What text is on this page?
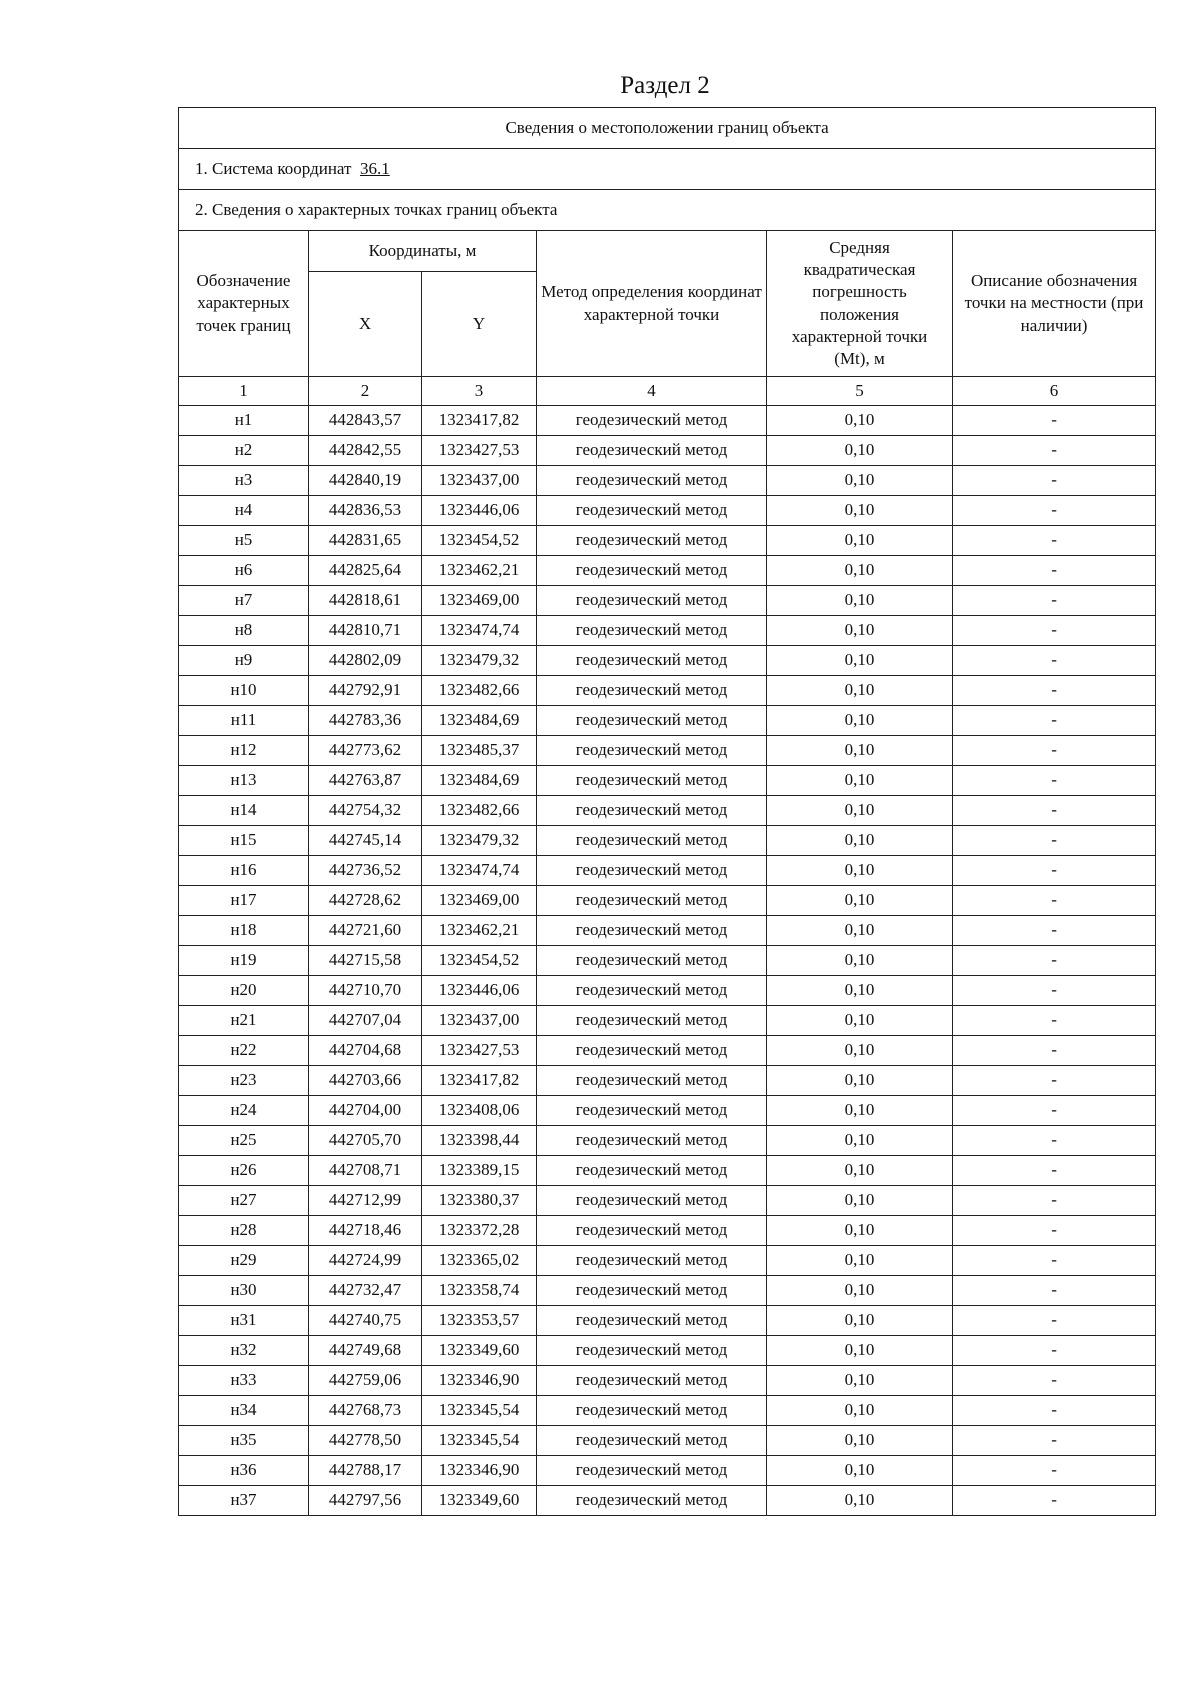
Раздел 2
Сведения о местоположении границ объекта					
1. Система координат 36.1					
2. Сведения о характерных точках границ объекта					
Обозначение характерных точек границ	Координаты, м		Метод определения координат характерной точки	Средняя квадратическая погрешность положения характерной точки (Mt), м	Описание обозначения точки на местности (при наличии)
	X	Y			
1	2	3	4	5	6
н1	442843,57	1323417,82	геодезический метод	0,10	-
н2	442842,55	1323427,53	геодезический метод	0,10	-
н3	442840,19	1323437,00	геодезический метод	0,10	-
н4	442836,53	1323446,06	геодезический метод	0,10	-
н5	442831,65	1323454,52	геодезический метод	0,10	-
н6	442825,64	1323462,21	геодезический метод	0,10	-
н7	442818,61	1323469,00	геодезический метод	0,10	-
н8	442810,71	1323474,74	геодезический метод	0,10	-
н9	442802,09	1323479,32	геодезический метод	0,10	-
н10	442792,91	1323482,66	геодезический метод	0,10	-
н11	442783,36	1323484,69	геодезический метод	0,10	-
н12	442773,62	1323485,37	геодезический метод	0,10	-
н13	442763,87	1323484,69	геодезический метод	0,10	-
н14	442754,32	1323482,66	геодезический метод	0,10	-
н15	442745,14	1323479,32	геодезический метод	0,10	-
н16	442736,52	1323474,74	геодезический метод	0,10	-
н17	442728,62	1323469,00	геодезический метод	0,10	-
н18	442721,60	1323462,21	геодезический метод	0,10	-
н19	442715,58	1323454,52	геодезический метод	0,10	-
н20	442710,70	1323446,06	геодезический метод	0,10	-
н21	442707,04	1323437,00	геодезический метод	0,10	-
н22	442704,68	1323427,53	геодезический метод	0,10	-
н23	442703,66	1323417,82	геодезический метод	0,10	-
н24	442704,00	1323408,06	геодезический метод	0,10	-
н25	442705,70	1323398,44	геодезический метод	0,10	-
н26	442708,71	1323389,15	геодезический метод	0,10	-
н27	442712,99	1323380,37	геодезический метод	0,10	-
н28	442718,46	1323372,28	геодезический метод	0,10	-
н29	442724,99	1323365,02	геодезический метод	0,10	-
н30	442732,47	1323358,74	геодезический метод	0,10	-
н31	442740,75	1323353,57	геодезический метод	0,10	-
н32	442749,68	1323349,60	геодезический метод	0,10	-
н33	442759,06	1323346,90	геодезический метод	0,10	-
н34	442768,73	1323345,54	геодезический метод	0,10	-
н35	442778,50	1323345,54	геодезический метод	0,10	-
н36	442788,17	1323346,90	геодезический метод	0,10	-
н37	442797,56	1323349,60	геодезический метод	0,10	-
